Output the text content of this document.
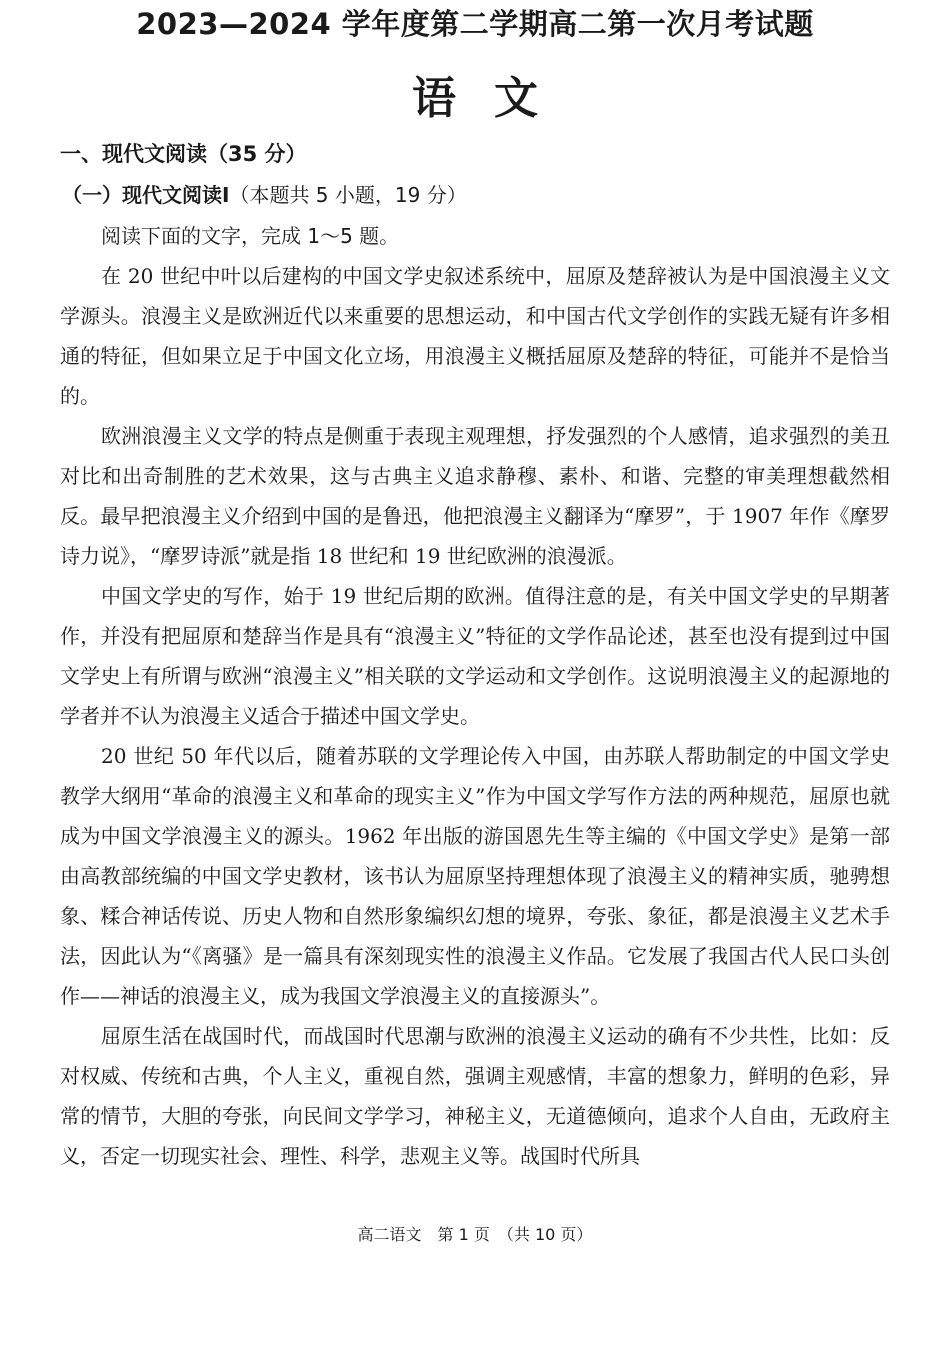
2023—2024 学年度第二学期高二第一次月考试题
语文
一、现代文阅读（35 分）
（一）现代文阅读Ⅰ（本题共 5 小题，19 分）
阅读下面的文字，完成 1～5 题。

在 20 世纪中叶以后建构的中国文学史叙述系统中，屈原及楚辞被认为是中国浪漫主义文学源头。浪漫主义是欧洲近代以来重要的思想运动，和中国古代文学创作的实践无疑有许多相通的特征，但如果立足于中国文化立场，用浪漫主义概括屈原及楚辞的特征，可能并不是恰当的。

欧洲浪漫主义文学的特点是侧重于表现主观理想，抒发强烈的个人感情，追求强烈的美丑对比和出奇制胜的艺术效果，这与古典主义追求静穆、素朴、和谐、完整的审美理想截然相反。最早把浪漫主义介绍到中国的是鲁迅，他把浪漫主义翻译为“摩罗”，于 1907 年作《摩罗诗力说》，“摩罗诗派”就是指 18 世纪和 19 世纪欧洲的浪漫派。

中国文学史的写作，始于 19 世纪后期的欧洲。值得注意的是，有关中国文学史的早期著作，并没有把屈原和楚辞当作是具有“浪漫主义”特征的文学作品论述，甚至也没有提到过中国文学史上有所谓与欧洲“浪漫主义”相关联的文学运动和文学创作。这说明浪漫主义的起源地的学者并不认为浪漫主义适合于描述中国文学史。

20 世纪 50 年代以后，随着苏联的文学理论传入中国，由苏联人帮助制定的中国文学史教学大纲用“革命的浪漫主义和革命的现实主义”作为中国文学写作方法的两种规范，屈原也就成为中国文学浪漫主义的源头。1962 年出版的游国恩先生等主编的《中国文学史》是第一部由高教部统编的中国文学史教材，该书认为屈原坚持理想体现了浪漫主义的精神实质，驰骋想象、糅合神话传说、历史人物和自然形象编织幻想的境界，夸张、象征，都是浪漫主义艺术手法，因此认为“《离骚》是一篇具有深刻现实性的浪漫主义作品。它发展了我国古代人民口头创作——神话的浪漫主义，成为我国文学浪漫主义的直接源头”。

屈原生活在战国时代，而战国时代思潮与欧洲的浪漫主义运动的确有不少共性，比如：反对权威、传统和古典，个人主义，重视自然，强调主观感情，丰富的想象力，鲜明的色彩，异常的情节，大胆的夸张，向民间文学学习，神秘主义，无道德倾向，追求个人自由，无政府主义，否定一切现实社会、理性、科学，悲观主义等。战国时代所具

高二语文　第 1 页　（共 10 页）
